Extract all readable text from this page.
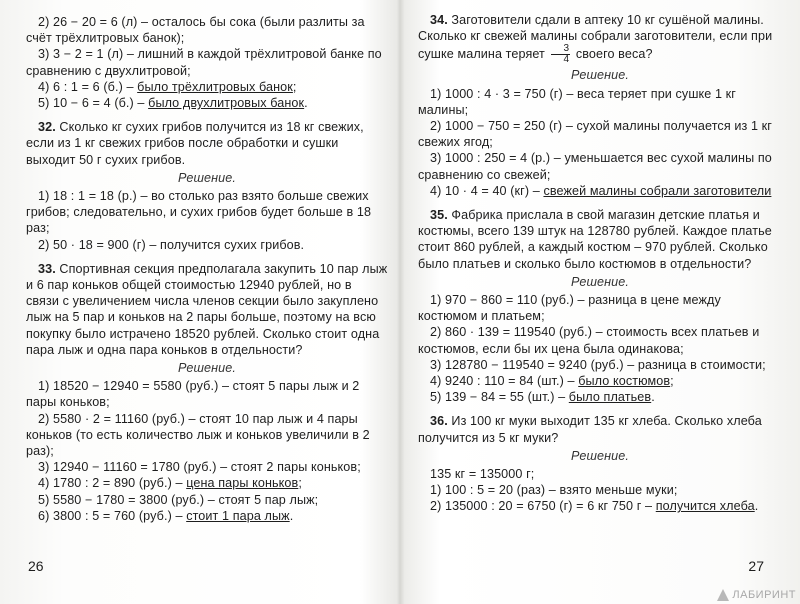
2) 26 − 20 = 6 (л) – осталось бы сока (были разлиты за счёт трёхлитровых банок);

3) 3 − 2 = 1 (л) – лишний в каждой трёхлитровой банке по сравнению с двухлитровой;

4) 6 : 1 = 6 (б.) – было трёхлитровых банок;

5) 10 − 6 = 4 (б.) – было двухлитровых банок.

32. Сколько кг сухих грибов получится из 18 кг свежих, если из 1 кг свежих грибов после обработки и сушки выходит 50 г сухих грибов.

Решение.

1) 18 : 1 = 18 (р.) – во столько раз взято больше свежих грибов; следовательно, и сухих грибов будет больше в 18 раз;

2) 50 · 18 = 900 (г) – получится сухих грибов.

33. Спортивная секция предполагала закупить 10 пар лыж и 6 пар коньков общей стоимостью 12940 рублей, но в связи с увеличением числа членов секции было закуплено лыж на 5 пар и коньков на 2 пары больше, поэтому на всю покупку было истрачено 18520 рублей. Сколько стоит одна пара лыж и одна пара коньков в отдельности?

Решение.

1) 18520 − 12940 = 5580 (руб.) – стоят 5 пары лыж и 2 пары коньков;

2) 5580 · 2 = 11160 (руб.) – стоят 10 пар лыж и 4 пары коньков (то есть количество лыж и коньков увеличили в 2 раз);

3) 12940 − 11160 = 1780 (руб.) – стоят 2 пары коньков;

4) 1780 : 2 = 890 (руб.) – цена пары коньков;

5) 5580 − 1780 = 3800 (руб.) – стоят 5 пар лыж;

6) 3800 : 5 = 760 (руб.) – стоит 1 пара лыж.

26

34. Заготовители сдали в аптеку 10 кг сушёной малины. Сколько кг свежей малины собрали заготовители, если при сушке малина теряет $\frac{3}{4}$ своего веса?

Решение.

1) 1000 : 4 · 3 = 750 (г) – веса теряет при сушке 1 кг малины;

2) 1000 − 750 = 250 (г) – сухой малины получается из 1 кг свежих ягод;

3) 1000 : 250 = 4 (р.) – уменьшается вес сухой малины по сравнению со свежей;

4) 10 · 4 = 40 (кг) – свежей малины собрали заготовители

35. Фабрика прислала в свой магазин детские платья и костюмы, всего 139 штук на 128780 рублей. Каждое платье стоит 860 рублей, а каждый костюм – 970 рублей. Сколько было платьев и сколько было костюмов в отдельности?

Решение.

1) 970 − 860 = 110 (руб.) – разница в цене между костюмом и платьем;

2) 860 · 139 = 119540 (руб.) – стоимость всех платьев и костюмов, если бы их цена была одинакова;

3) 128780 − 119540 = 9240 (руб.) – разница в стоимости;

4) 9240 : 110 = 84 (шт.) – было костюмов;

5) 139 − 84 = 55 (шт.) – было платьев.

36. Из 100 кг муки выходит 135 кг хлеба. Сколько хлеба получится из 5 кг муки?

Решение.

135 кг = 135000 г;

1) 100 : 5 = 20 (раз) – взято меньше муки;

2) 135000 : 20 = 6750 (г) = 6 кг 750 г – получится хлеба.

27
ЛАБИРИНТ
